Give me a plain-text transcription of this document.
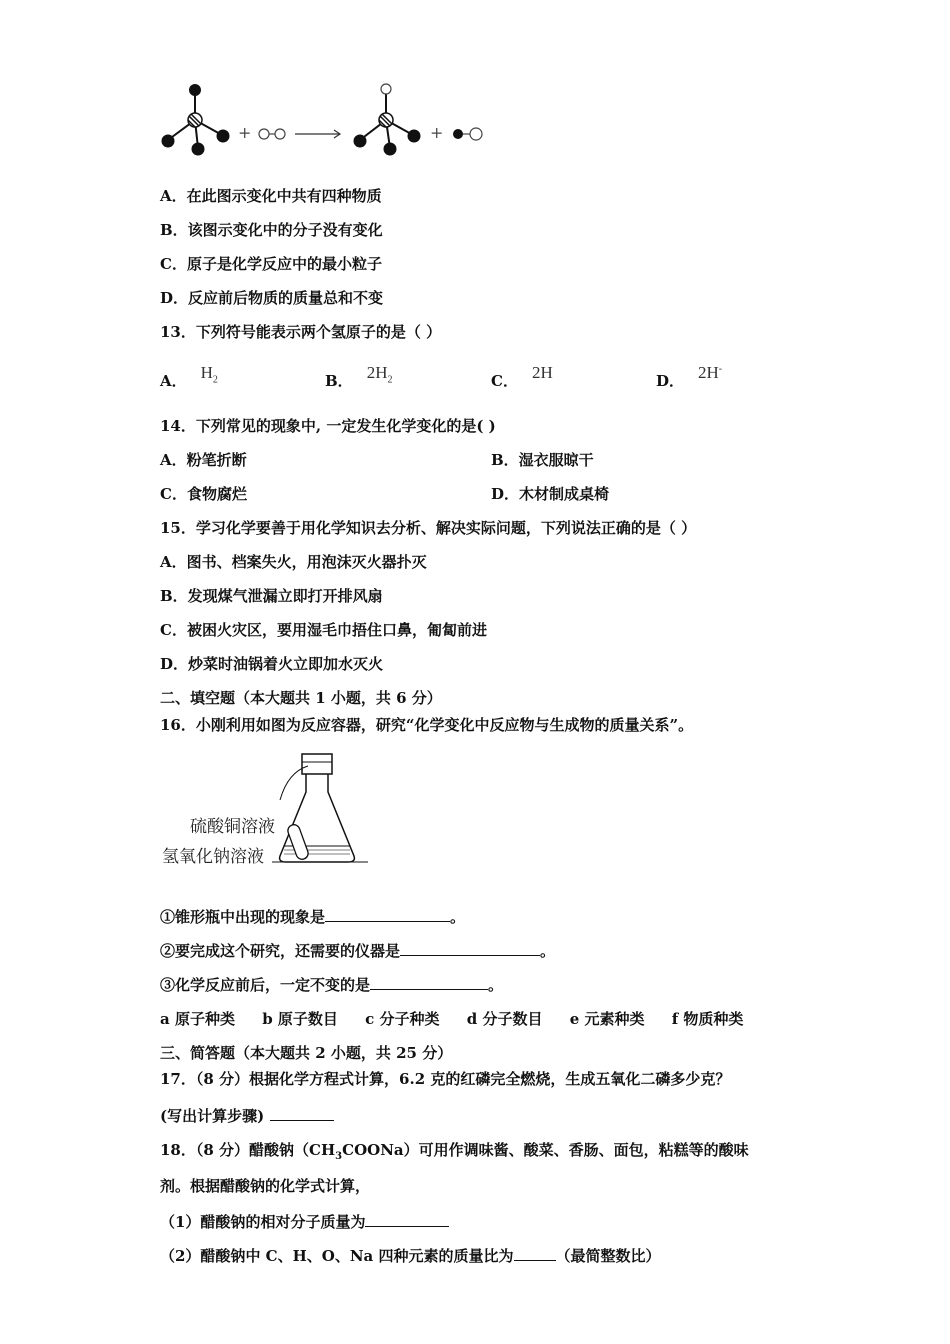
+	+
A．在此图示变化中共有四种物质
B．该图示变化中的分子没有变化
C．原子是化学反应中的最小粒子
D．反应前后物质的质量总和不变
13．下列符号能表示两个氢原子的是（ ）
A． $H_2$	B． $2H_2$	C． 2H	D． 2H-
14．下列常见的现象中, 一定发生化学变化的是( )
A．粉笔折断	B．湿衣服晾干
C．食物腐烂	D．木材制成桌椅
15．学习化学要善于用化学知识去分析、解决实际问题，下列说法正确的是（ ）
A．图书、档案失火，用泡沫灭火器扑灭
B．发现煤气泄漏立即打开排风扇
C．被困火灾区，要用湿毛巾捂住口鼻，匍匐前进
D．炒菜时油锅着火立即加水灭火
二、填空题（本大题共 1 小题，共 6 分）
16．小刚利用如图为反应容器，研究“化学变化中反应物与生成物的质量关系”。
硫酸铜溶液
氢氧化钠溶液
①锥形瓶中出现的现象是	。
②要完成这个研究，还需要的仪器是	。
③化学反应前后，一定不变的是	。
a 原子种类 b 原子数目 c 分子种类 d 分子数目 e 元素种类 f 物质种类
三、简答题（本大题共 2 小题，共 25 分）
17．（8 分）根据化学方程式计算，6.2 克的红磷完全燃烧，生成五氧化二磷多少克？
(写出计算步骤)
18．（8 分）醋酸钠$(CH_3COONa)$可用作调味酱、酸菜、香肠、面包，粘糕等的酸味
剂。根据醋酸钠的化学式计算，
（1）醋酸钠的相对分子质量为
（2）醋酸钠中 C、H、O、Na 四种元素的质量比为	（最简整数比）
